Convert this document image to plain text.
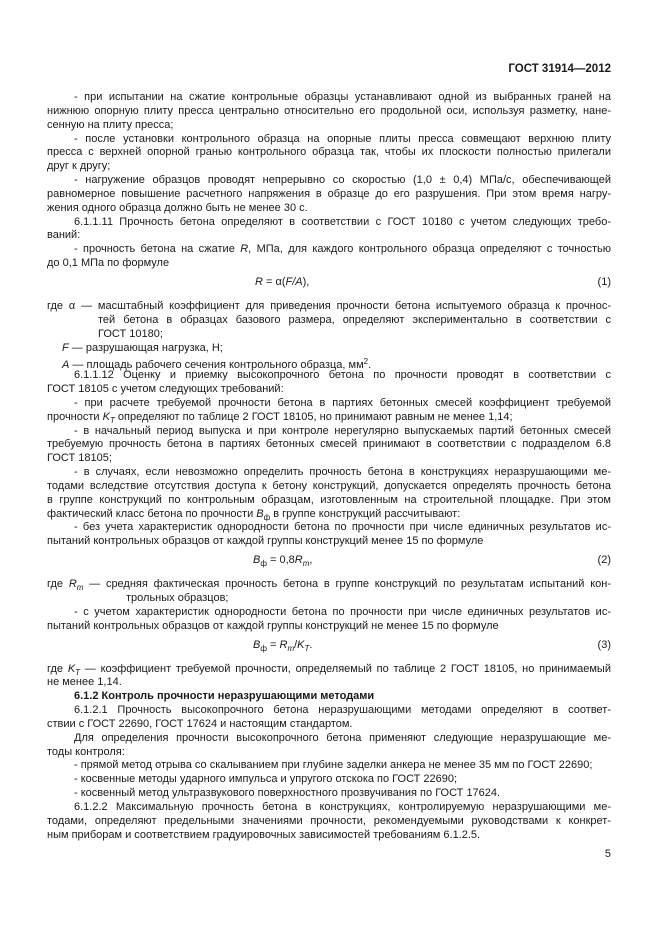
ГОСТ 31914—2012
- при испытании на сжатие контрольные образцы устанавливают одной из выбранных граней на
нижнюю опорную плиту пресса центрально относительно его продольной оси, используя разметку, нане-
сенную на плиту пресса;
- после установки контрольного образца на опорные плиты пресса совмещают верхнюю плиту
пресса с верхней опорной гранью контрольного образца так, чтобы их плоскости полностью прилегали
друг к другу;
- нагружение образцов проводят непрерывно со скоростью (1,0 ± 0,4) МПа/с, обеспечивающей
равномерное повышение расчетного напряжения в образце до его разрушения. При этом время нагру-
жения одного образца должно быть не менее 30 с.
6.1.1.11 Прочность бетона определяют в соответствии с ГОСТ 10180 с учетом следующих требо-
ваний:
- прочность бетона на сжатие R, МПа, для каждого контрольного образца определяют с точностью
до 0,1 МПа по формуле
R = α(F/A),	(1)
где α — масштабный коэффициент для приведения прочности бетона испытуемого образца к прочнос-
тей бетона в образцах базового размера, определяют экспериментально в соответствии с
ГОСТ 10180;
F — разрушающая нагрузка, Н;
A — площадь рабочего сечения контрольного образца, $мм^2$.
6.1.1.12 Оценку и приемку высокопрочного бетона по прочности проводят в соответствии с
ГОСТ 18105 с учетом следующих требований:
- при расчете требуемой прочности бетона в партиях бетонных смесей коэффициент требуемой
прочности $K_T$ определяют по таблице 2 ГОСТ 18105, но принимают равным не менее 1,14;
- в начальный период выпуска и при контроле нерегулярно выпускаемых партий бетонных смесей
требуемую прочность бетона в партиях бетонных смесей принимают в соответствии с подразделом 6.8
ГОСТ 18105;
- в случаях, если невозможно определить прочность бетона в конструкциях неразрушающими ме-
тодами вследствие отсутствия доступа к бетону конструкций, допускается определять прочность бетона
в группе конструкций по контрольным образцам, изготовленным на строительной площадке. При этом
фактический класс бетона по прочности $B_ф$ в группе конструкций рассчитывают:
- без учета характеристик однородности бетона по прочности при числе единичных результатов ис-
пытаний контрольных образцов от каждой группы конструкций менее 15 по формуле
$B_ф = 0,8R_m$,	(2)
где $R_m$ — средняя фактическая прочность бетона в группе конструкций по результатам испытаний кон-
трольных образцов;
- с учетом характеристик однородности бетона по прочности при числе единичных результатов ис-
пытаний контрольных образцов от каждой группы конструкций не менее 15 по формуле
$B_ф = R_m/K_T$.	(3)
где $K_T$ — коэффициент требуемой прочности, определяемый по таблице 2 ГОСТ 18105, но принимаемый
не менее 1,14.
6.1.2 Контроль прочности неразрушающими методами
6.1.2.1 Прочность высокопрочного бетона неразрушающими методами определяют в соответ-
ствии с ГОСТ 22690, ГОСТ 17624 и настоящим стандартом.
Для определения прочности высокопрочного бетона применяют следующие неразрушающие ме-
тоды контроля:
- прямой метод отрыва со скалыванием при глубине заделки анкера не менее 35 мм по ГОСТ 22690;
- косвенные методы ударного импульса и упругого отскока по ГОСТ 22690;
- косвенный метод ультразвукового поверхностного прозвучивания по ГОСТ 17624.
6.1.2.2 Максимальную прочность бетона в конструкциях, контролируемую неразрушающими ме-
тодами, определяют предельными значениями прочности, рекомендуемыми руководствами к конкрет-
ным приборам и соответствием градуировочных зависимостей требованиям 6.1.2.5.
5
